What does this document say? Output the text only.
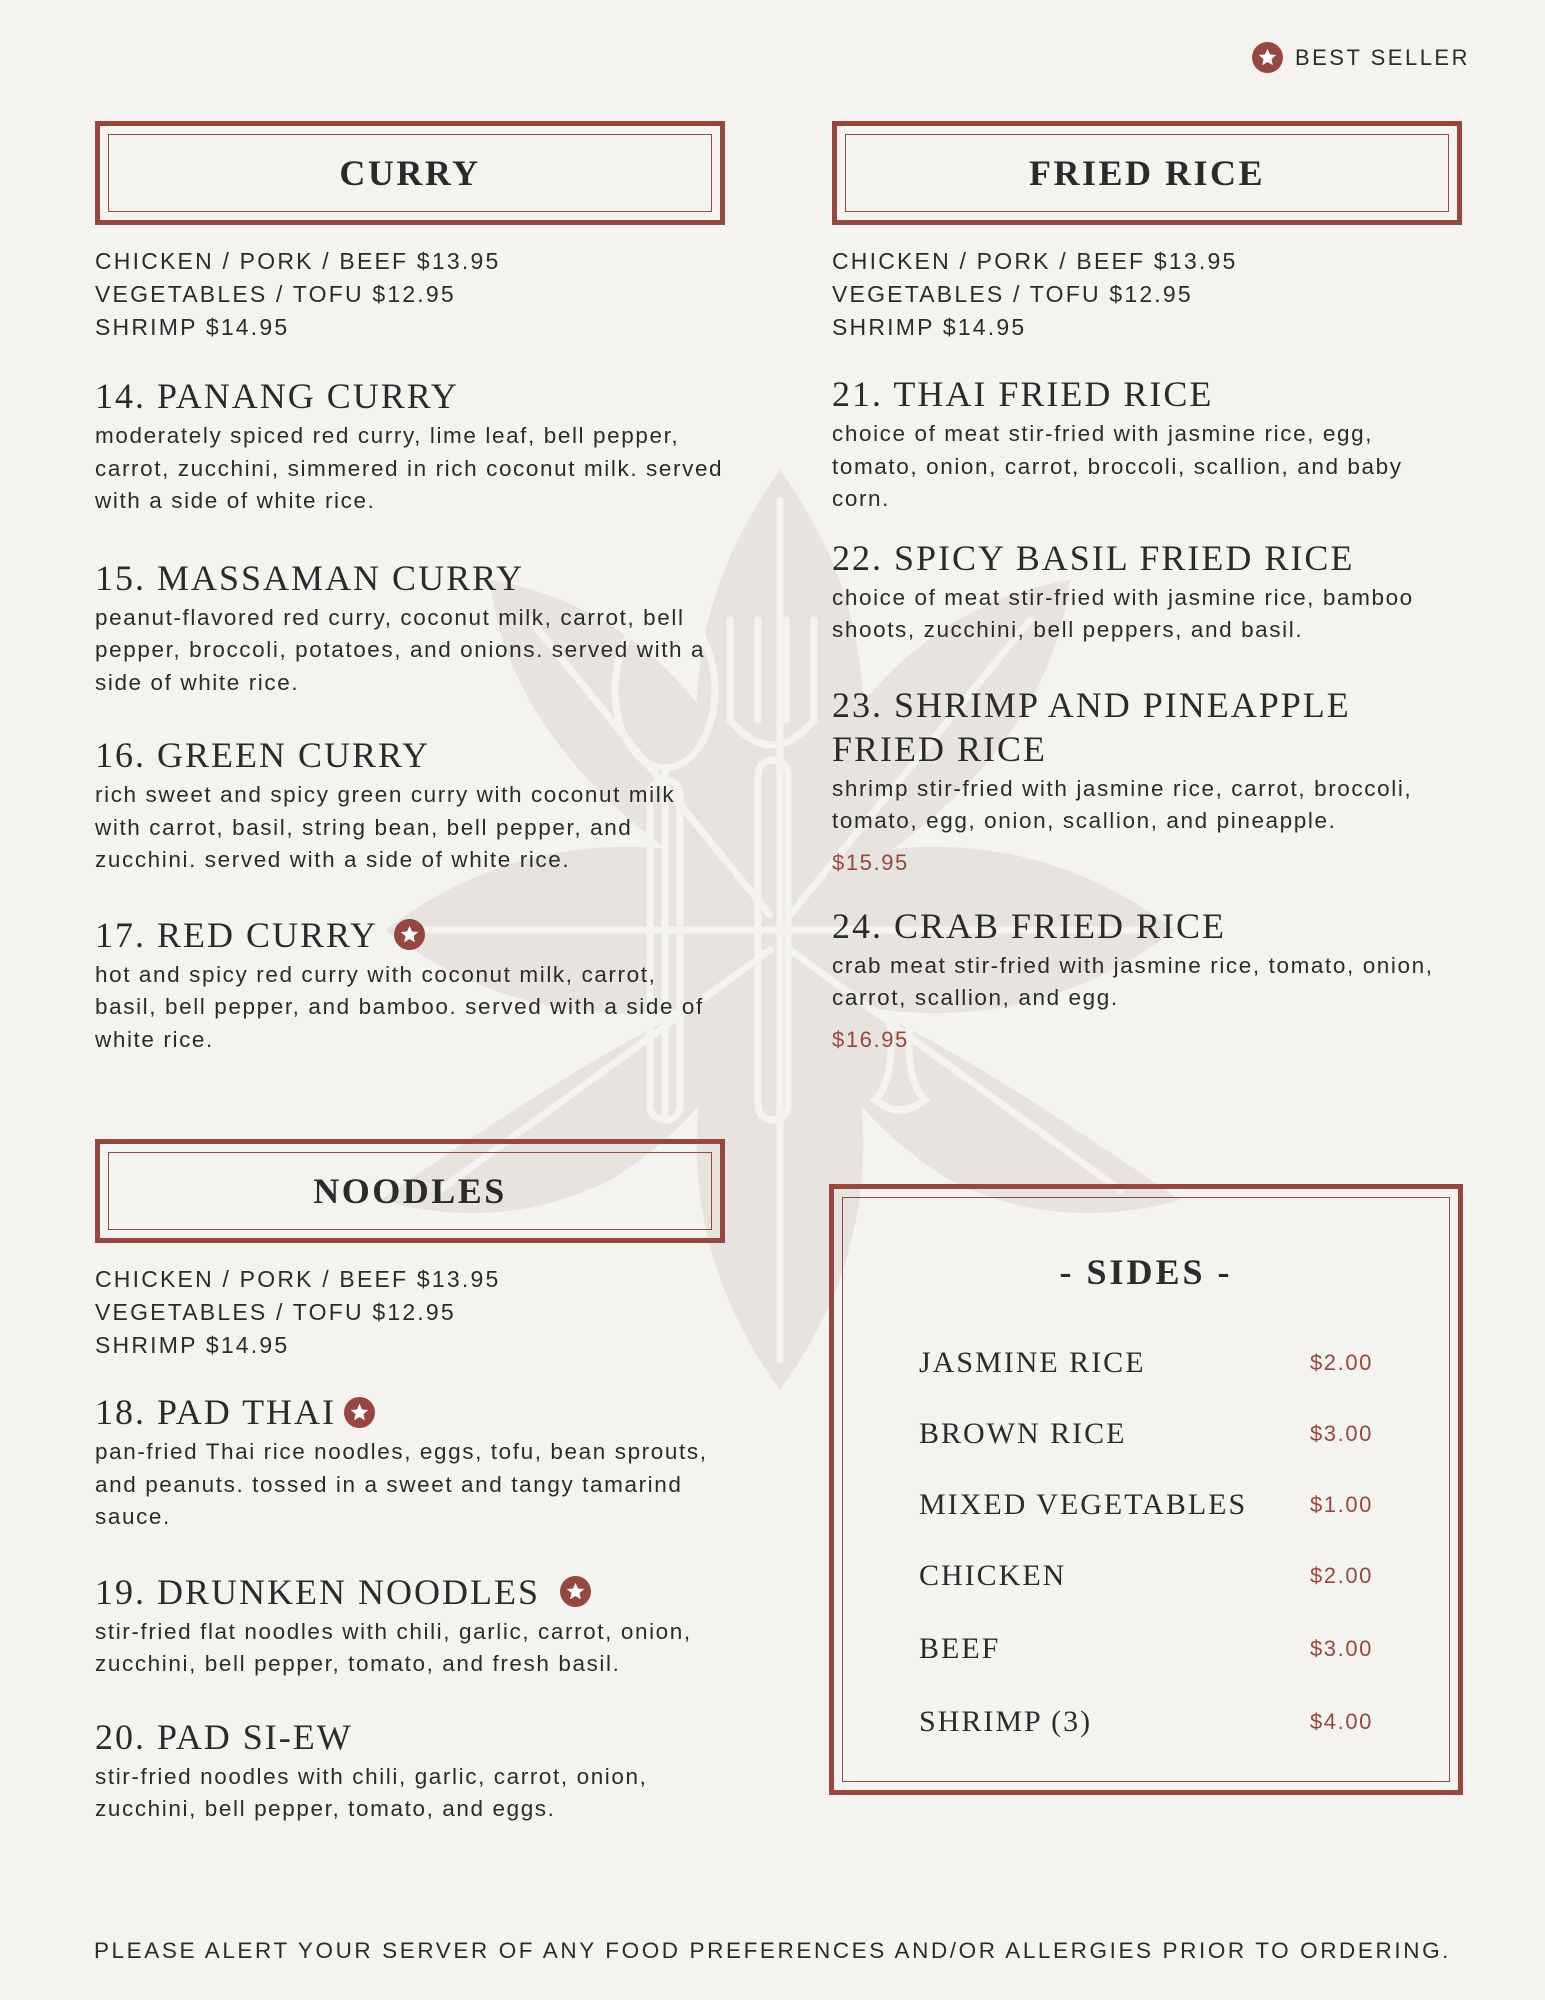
BEST SELLER
CURRY
CHICKEN / PORK / BEEF $13.95
VEGETABLES / TOFU $12.95
SHRIMP $14.95
14. PANANG CURRY
moderately spiced red curry, lime leaf, bell pepper, carrot, zucchini, simmered in rich coconut milk. served with a side of white rice.
15. MASSAMAN CURRY
peanut-flavored red curry, coconut milk, carrot, bell pepper, broccoli, potatoes, and onions. served with a side of white rice.
16. GREEN CURRY
rich sweet and spicy green curry with coconut milk with carrot, basil, string bean, bell pepper, and zucchini. served with a side of white rice.
17. RED CURRY
hot and spicy red curry with coconut milk, carrot, basil, bell pepper, and bamboo. served with a side of white rice.
NOODLES
CHICKEN / PORK / BEEF $13.95
VEGETABLES / TOFU $12.95
SHRIMP $14.95
18. PAD THAI
pan-fried Thai rice noodles, eggs, tofu, bean sprouts, and peanuts. tossed in a sweet and tangy tamarind sauce.
19. DRUNKEN NOODLES
stir-fried flat noodles with chili, garlic, carrot, onion, zucchini, bell pepper, tomato, and fresh basil.
20. PAD SI-EW
stir-fried noodles with chili, garlic, carrot, onion, zucchini, bell pepper, tomato, and eggs.
FRIED RICE
CHICKEN / PORK / BEEF $13.95
VEGETABLES / TOFU $12.95
SHRIMP $14.95
21. THAI FRIED RICE
choice of meat stir-fried with jasmine rice, egg, tomato, onion, carrot, broccoli, scallion, and baby corn.
22. SPICY BASIL FRIED RICE
choice of meat stir-fried with jasmine rice, bamboo shoots, zucchini, bell peppers, and basil.
23. SHRIMP AND PINEAPPLE FRIED RICE
shrimp stir-fried with jasmine rice, carrot, broccoli, tomato, egg, onion, scallion, and pineapple.
$15.95
24. CRAB FRIED RICE
crab meat stir-fried with jasmine rice, tomato, onion, carrot, scallion, and egg.
$16.95
- SIDES -
JASMINE RICE	$2.00
BROWN RICE	$3.00
MIXED VEGETABLES	$1.00
CHICKEN	$2.00
BEEF	$3.00
SHRIMP (3)	$4.00
PLEASE ALERT YOUR SERVER OF ANY FOOD PREFERENCES AND/OR ALLERGIES PRIOR TO ORDERING.
